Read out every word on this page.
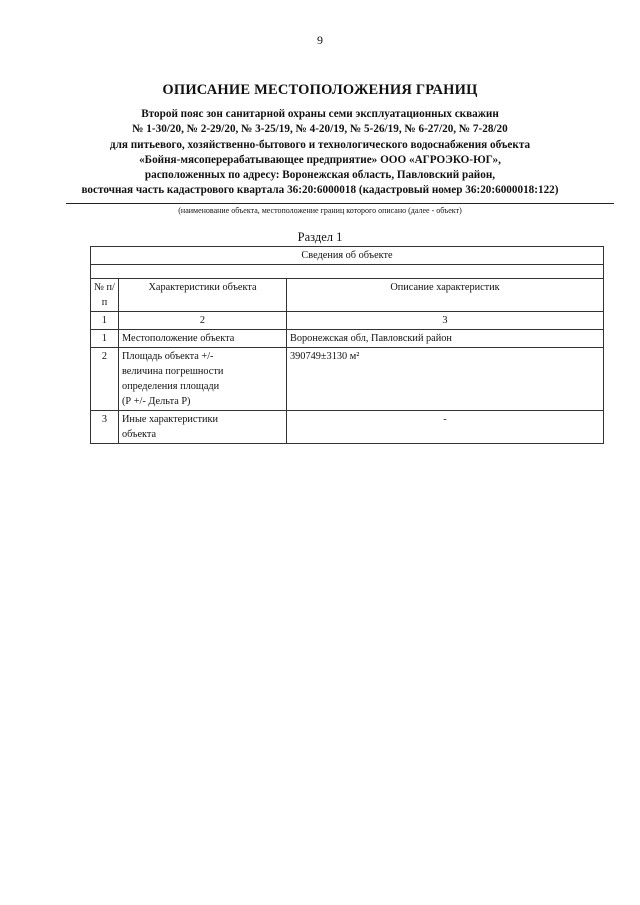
9
ОПИСАНИЕ МЕСТОПОЛОЖЕНИЯ ГРАНИЦ
Второй пояс зон санитарной охраны семи эксплуатационных скважин
№ 1-30/20, № 2-29/20, № 3-25/19, № 4-20/19, № 5-26/19, № 6-27/20, № 7-28/20
для питьевого, хозяйственно-бытового и технологического водоснабжения объекта
«Бойня-мясоперерабатывающее предприятие» ООО «АГРОЭКО-ЮГ»,
расположенных по адресу: Воронежская область, Павловский район,
восточная часть кадастрового квартала 36:20:6000018 (кадастровый номер 36:20:6000018:122)
(наименование объекта, местоположение границ которого описано (далее - объект)
Раздел 1
Сведения об объекте		

№ п/п	Характеристики объекта	Описание характеристик
1	2	3
1	Местоположение объекта	Воронежская обл, Павловский район
2	Площадь объекта +/-
величина погрешности
определения площади
(Р +/- Дельта Р)	390749±3130 м²
3	Иные характеристики
объекта	-
